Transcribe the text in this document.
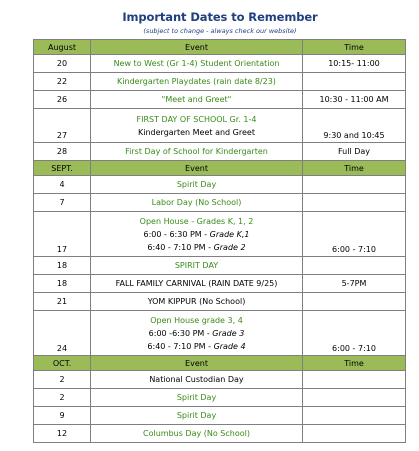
Important Dates to Remember
(subject to change - always check our website)
August	Event	Time
20	New to West (Gr 1-4) Student Orientation	10:15- 11:00
22	Kindergarten Playdates (rain date 8/23)	
26	"Meet and Greet"	10:30 - 11:00 AM
27	FIRST DAY OF SCHOOL Gr. 1-4
Kindergarten Meet and Greet	9:30 and 10:45
28	First Day of School for Kindergarten	Full Day
SEPT.	Event	Time
4	Spirit Day	
7	Labor Day (No School)	
17	Open House - Grades K, 1, 2
6:00 - 6:30 PM - Grade K,1
6:40 - 7:10 PM - Grade 2	6:00 - 7:10
18	SPIRIT DAY	
18	FALL FAMILY CARNIVAL (RAIN DATE 9/25)	5-7PM
21	YOM KIPPUR (No School)	
24	Open House grade 3, 4
6:00 -6:30 PM - Grade 3
6:40 - 7:10 PM - Grade 4	6:00 - 7:10
OCT.	Event	Time
2	National Custodian Day	
2	Spirit Day	
9	Spirit Day	
12	Columbus Day (No School)	
